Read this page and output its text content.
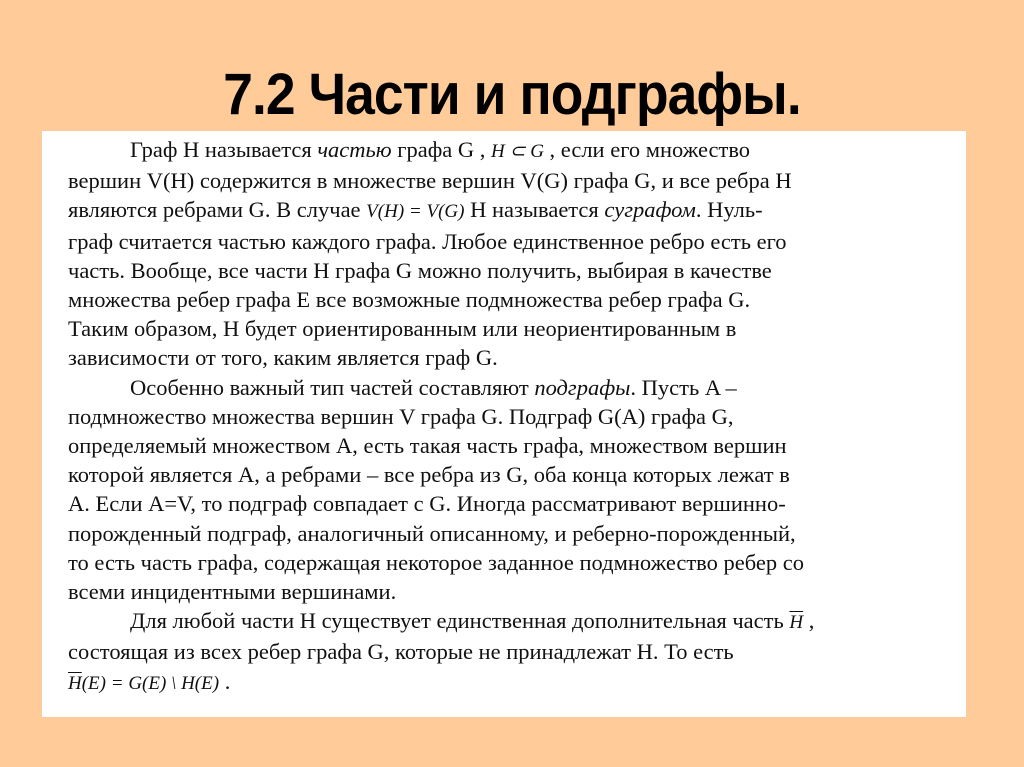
7.2 Части и подграфы.
Граф H называется частью графа G , H ⊂ G , если его множество
вершин V(H) содержится в множестве вершин V(G) графа G, и все ребра H
являются ребрами G. В случае V(H) = V(G) H называется суграфом. Нуль-
граф считается частью каждого графа. Любое единственное ребро есть его
часть. Вообще, все части H графа G можно получить, выбирая в качестве
множества ребер графа E все возможные подмножества ребер графа G.
Таким образом, H будет ориентированным или неориентированным в
зависимости от того, каким является граф G.
Особенно важный тип частей составляют подграфы. Пусть A –
подмножество множества вершин V графа G. Подграф G(A) графа G,
определяемый множеством A, есть такая часть графа, множеством вершин
которой является A, а ребрами – все ребра из G, оба конца которых лежат в
A. Если A=V, то подграф совпадает с G. Иногда рассматривают вершинно-
порожденный подграф, аналогичный описанному, и реберно-порожденный,
то есть часть графа, содержащая некоторое заданное подмножество ребер со
всеми инцидентными вершинами.
Для любой части H существует единственная дополнительная часть $\overline{H}$ ,
состоящая из всех ребер графа G, которые не принадлежат H. То есть
$\overline{H}(E) = G(E)$ \ H(E) .
